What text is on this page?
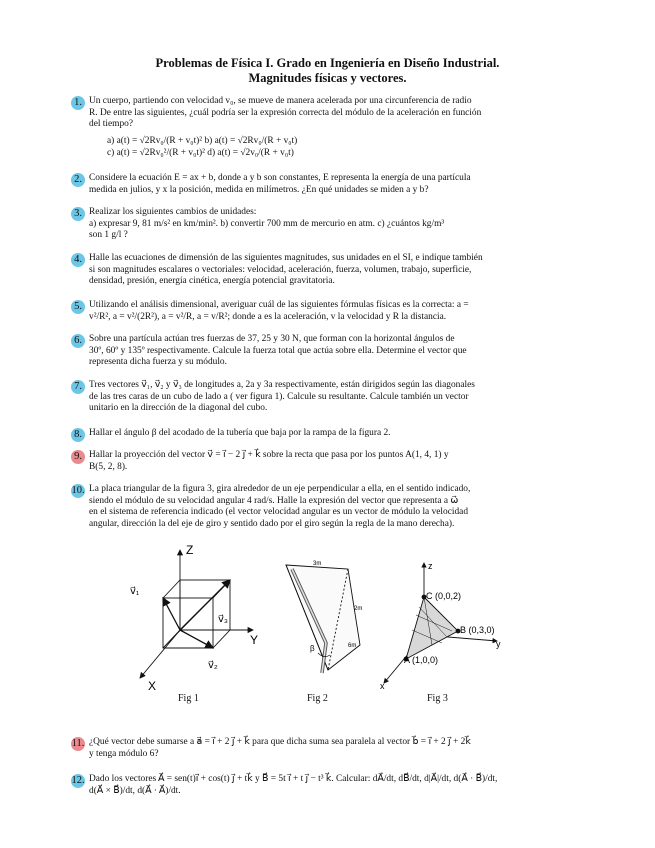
Problemas de Física I. Grado en Ingeniería en Diseño Industrial.
Magnitudes físicas y vectores.
1. Un cuerpo, partiendo con velocidad v₀, se mueve de manera acelerada por una circunferencia de radio
R. De entre las siguientes, ¿cuál podría ser la expresión correcta del módulo de la aceleración en función
del tiempo?
a) a(t) = √2Rv₀/(R + v₀t)² b) a(t) = √2Rv₀/(R + v₀t)
c) a(t) = √2Rv₀²/(R + v₀t)² d) a(t) = √2v₀/(R + v₀t)
2. Considere la ecuación E = ax + b, donde a y b son constantes, E representa la energía de una partícula
medida en julios, y x la posición, medida en milímetros. ¿En qué unidades se miden a y b?
3. Realizar los siguientes cambios de unidades:
a) expresar 9, 81 m/s² en km/min². b) convertir 700 mm de mercurio en atm. c) ¿cuántos kg/m³
son 1 g/l ?
4. Halle las ecuaciones de dimensión de las siguientes magnitudes, sus unidades en el SI, e indique también
si son magnitudes escalares o vectoriales: velocidad, aceleración, fuerza, volumen, trabajo, superficie,
densidad, presión, energía cinética, energía potencial gravitatoria.
5. Utilizando el análisis dimensional, averiguar cuál de las siguientes fórmulas físicas es la correcta: a =
v²/R², a = v²/(2R²), a = v²/R, a = v/R²; donde a es la aceleración, v la velocidad y R la distancia.
6. Sobre una partícula actúan tres fuerzas de 37, 25 y 30 N, que forman con la horizontal ángulos de
30º, 60º y 135º respectivamente. Calcule la fuerza total que actúa sobre ella. Determine el vector que
representa dicha fuerza y su módulo.
7. Tres vectores v⃗₁, v⃗₂ y v⃗₃ de longitudes a, 2a y 3a respectivamente, están dirigidos según las diagonales
de las tres caras de un cubo de lado a ( ver figura 1). Calcule su resultante. Calcule también un vector
unitario en la dirección de la diagonal del cubo.
8. Hallar el ángulo β del acodado de la tubería que baja por la rampa de la figura 2.
9. Hallar la proyección del vector v⃗ = i⃗ − 2 j⃗ + k⃗ sobre la recta que pasa por los puntos A(1, 4, 1) y
B(5, 2, 8).
10. La placa triangular de la figura 3, gira alrededor de un eje perpendicular a ella, en el sentido indicado,
siendo el módulo de su velocidad angular 4 rad/s. Halle la expresión del vector que representa a ω⃗
en el sistema de referencia indicado (el vector velocidad angular es un vector de módulo la velocidad
angular, dirección la del eje de giro y sentido dado por el giro según la regla de la mano derecha).
Z
Y
X
v⃗₁
v⃗₂
v⃗₃
Fig 1
3m
2m
6m
β
Fig 2
z
y
x
C (0,0,2)
B (0,3,0)
A (1,0,0)
Fig 3
11. ¿Qué vector debe sumarse a a⃗ = i⃗ + 2 j⃗ + k⃗ para que dicha suma sea paralela al vector b⃗ = i⃗ + 2 j⃗ + 2k⃗
y tenga módulo 6?
12. Dado los vectores A⃗ = sen(t)i⃗ + cos(t) j⃗ + tk⃗ y B⃗ = 5t i⃗ + t j⃗ − t³ k⃗. Calcular: dA⃗/dt, dB⃗/dt, d|A⃗|/dt, d(A⃗ · B⃗)/dt,
d(A⃗ × B⃗)/dt, d(A⃗ · A⃗)/dt.
